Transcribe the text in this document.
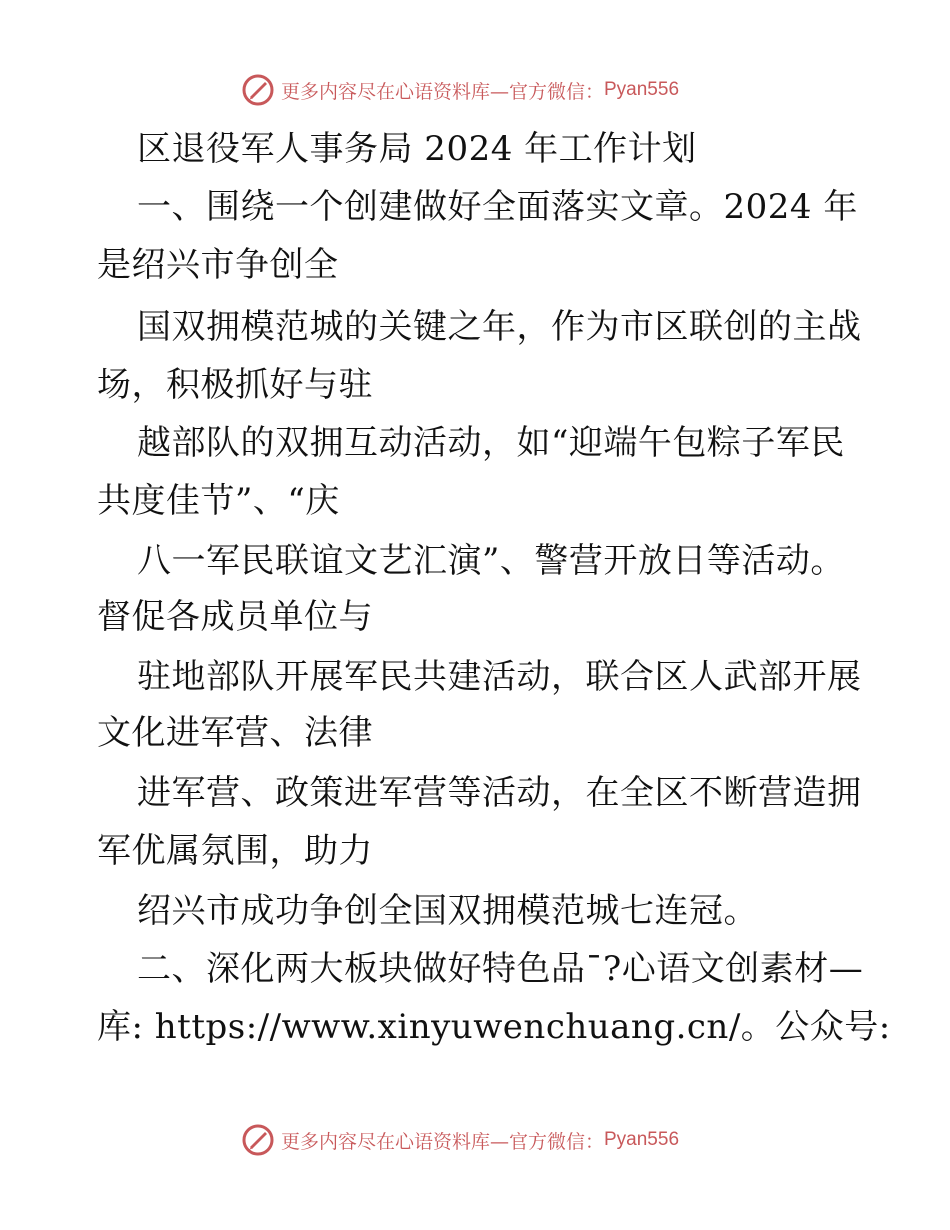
更多内容尽在心语资料库—官方微信： Pyan556
区退役军人事务局 2024 年工作计划
一、围绕一个创建做好全面落实文章。2024 年
是绍兴市争创全
国双拥模范城的关键之年，作为市区联创的主战
场，积极抓好与驻
越部队的双拥互动活动，如“迎端午包粽子军民
共度佳节”、“庆
八一军民联谊文艺汇演”、警营开放日等活动。
督促各成员单位与
驻地部队开展军民共建活动，联合区人武部开展
文化进军营、法律
进军营、政策进军营等活动，在全区不断营造拥
军优属氛围，助力
绍兴市成功争创全国双拥模范城七连冠。
二、深化两大板块做好特色品¯?心语文创素材—
库: https://www.xinyuwenchuang.cn/。公众号:
更多内容尽在心语资料库—官方微信： Pyan556
